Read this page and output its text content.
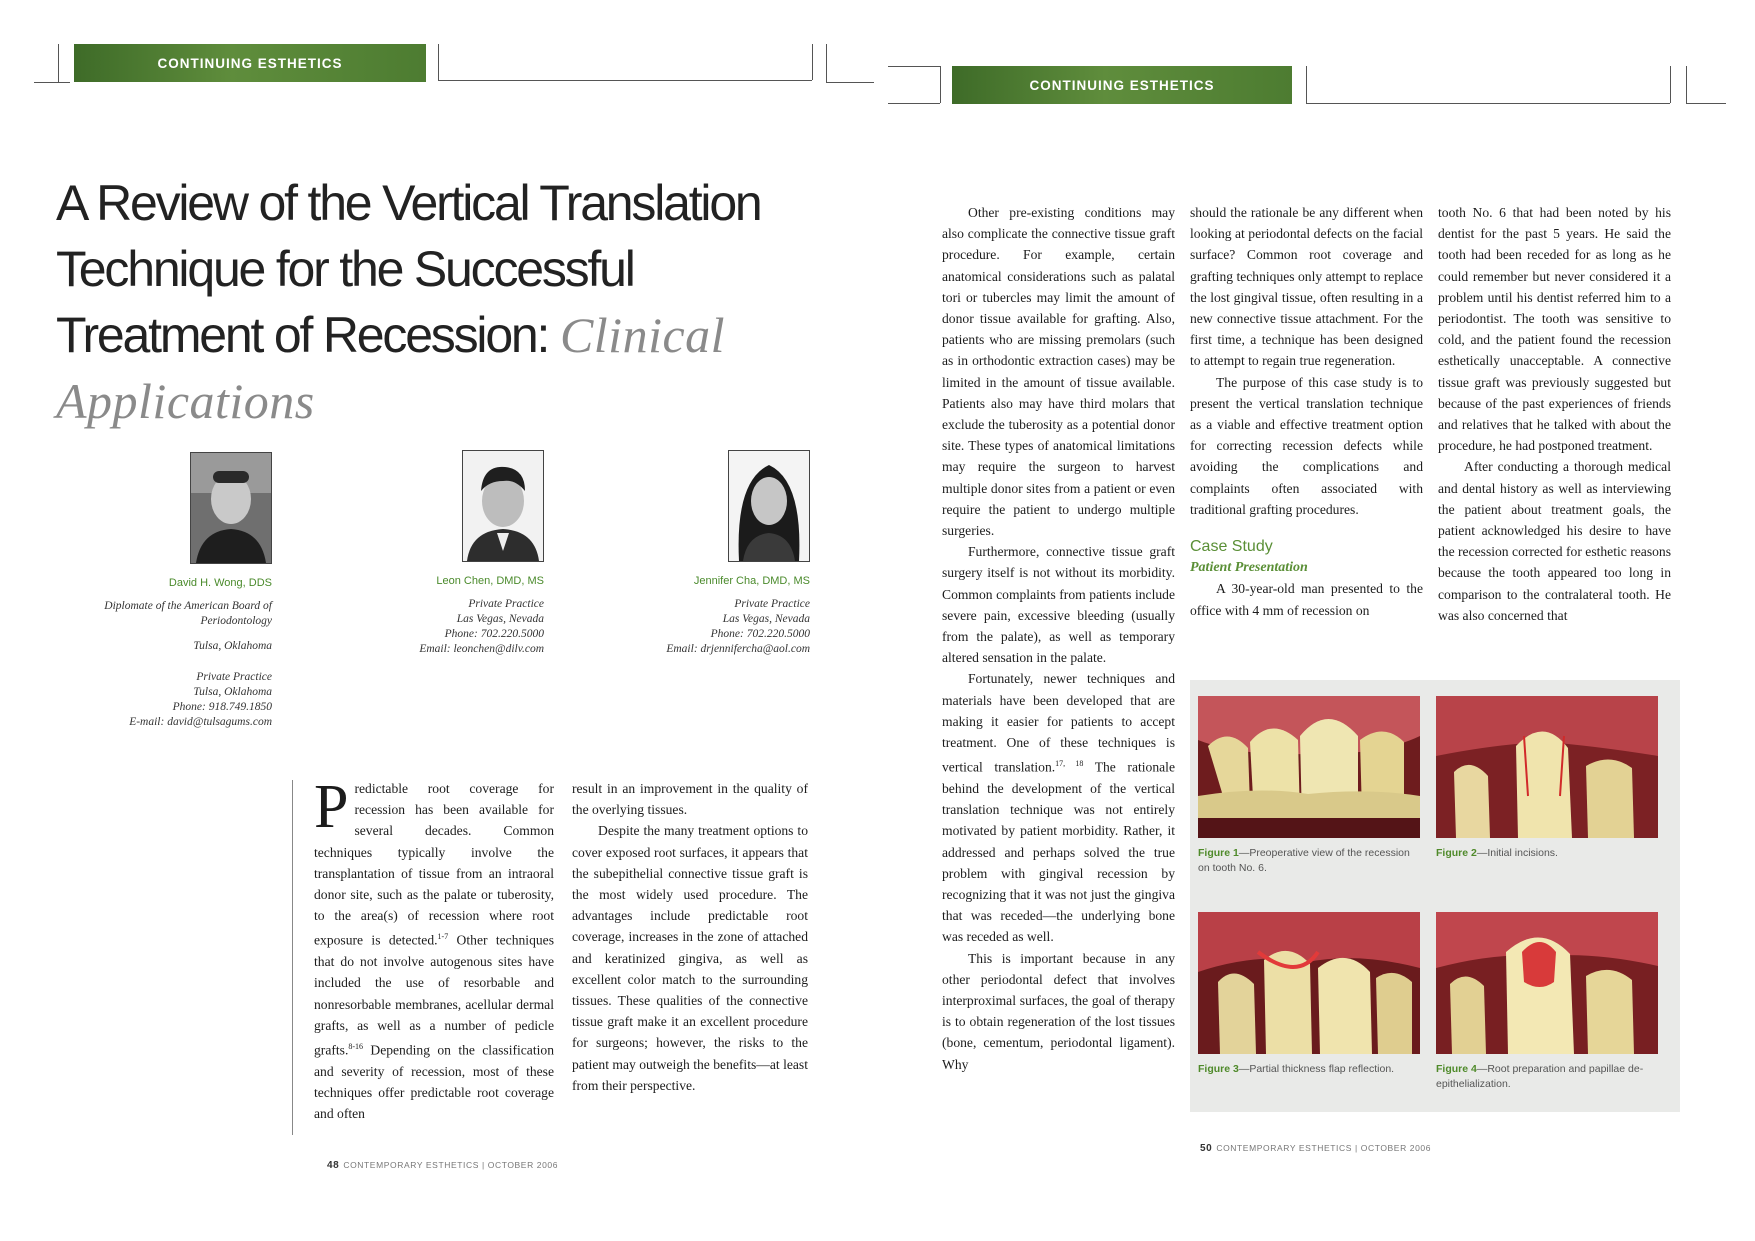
CONTINUING ESTHETICS
A Review of the Vertical Translation Technique for the Successful Treatment of Recession: Clinical Applications
David H. Wong, DDS
Diplomate of the American Board of
Periodontology
Tulsa, Oklahoma
Private Practice
Tulsa, Oklahoma
Phone: 918.749.1850
E-mail: david@tulsagums.com
Leon Chen, DMD, MS
Private Practice
Las Vegas, Nevada
Phone: 702.220.5000
Email: leonchen@dilv.com
Jennifer Cha, DMD, MS
Private Practice
Las Vegas, Nevada
Phone: 702.220.5000
Email: drjennifercha@aol.com

Predictable root coverage for recession has been available for several decades. Common techniques typically involve the transplantation of tissue from an intraoral donor site, such as the palate or tuberosity, to the area(s) of recession where root exposure is detected.$^{1-7}$ Other techniques that do not involve autogenous sites have included the use of resorbable and nonresorbable membranes, acellular dermal grafts, as well as a number of pedicle grafts.$^{8-16}$ Depending on the classification and severity of recession, most of these techniques offer predictable root coverage and often

result in an improvement in the quality of the overlying tissues.

Despite the many treatment options to cover exposed root surfaces, it appears that the subepithelial connective tissue graft is the most widely used procedure. The advantages include predictable root coverage, increases in the zone of attached and keratinized gingiva, as well as excellent color match to the surrounding tissues. These qualities of the connective tissue graft make it an excellent procedure for surgeons; however, the risks to the patient may outweigh the benefits—at least from their perspective.

48 CONTEMPORARY ESTHETICS | OCTOBER 2006
CONTINUING ESTHETICS

Other pre-existing conditions may also complicate the connective tissue graft procedure. For example, certain anatomical considerations such as palatal tori or tubercles may limit the amount of donor tissue available for grafting. Also, patients who are missing premolars (such as in orthodontic extraction cases) may be limited in the amount of tissue available. Patients also may have third molars that exclude the tuberosity as a potential donor site. These types of anatomical limitations may require the surgeon to harvest multiple donor sites from a patient or even require the patient to undergo multiple surgeries.

Furthermore, connective tissue graft surgery itself is not without its morbidity. Common complaints from patients include severe pain, excessive bleeding (usually from the palate), as well as temporary altered sensation in the palate.

Fortunately, newer techniques and materials have been developed that are making it easier for patients to accept treatment. One of these techniques is vertical translation.$^{17, 18}$ The rationale behind the development of the vertical translation technique was not entirely motivated by patient morbidity. Rather, it addressed and perhaps solved the true problem with gingival recession by recognizing that it was not just the gingiva that was receded—the underlying bone was receded as well.

This is important because in any other periodontal defect that involves interproximal surfaces, the goal of therapy is to obtain regeneration of the lost tissues (bone, cementum, periodontal ligament). Why

should the rationale be any different when looking at periodontal defects on the facial surface? Common root coverage and grafting techniques only attempt to replace the lost gingival tissue, often resulting in a new connective tissue attachment. For the first time, a technique has been designed to attempt to regain true regeneration.

The purpose of this case study is to present the vertical translation technique as a viable and effective treatment option for correcting recession defects while avoiding the complications and complaints often associated with traditional grafting procedures.

Case Study
Patient Presentation

A 30-year-old man presented to the office with 4 mm of recession on

tooth No. 6 that had been noted by his dentist for the past 5 years. He said the tooth had been receded for as long as he could remember but never considered it a problem until his dentist referred him to a periodontist. The tooth was sensitive to cold, and the patient found the recession esthetically unacceptable. A connective tissue graft was previously suggested but because of the past experiences of friends and relatives that he talked with about the procedure, he had postponed treatment.

After conducting a thorough medical and dental history as well as interviewing the patient about treatment goals, the patient acknowledged his desire to have the recession corrected for esthetic reasons because the tooth appeared too long in comparison to the contralateral tooth. He was also concerned that

Figure 1—Preoperative view of the recession on tooth No. 6.
Figure 2—Initial incisions.
Figure 3—Partial thickness flap reflection.	Figure 4—Root preparation and papillae de-epithelialization.
50 CONTEMPORARY ESTHETICS | OCTOBER 2006
